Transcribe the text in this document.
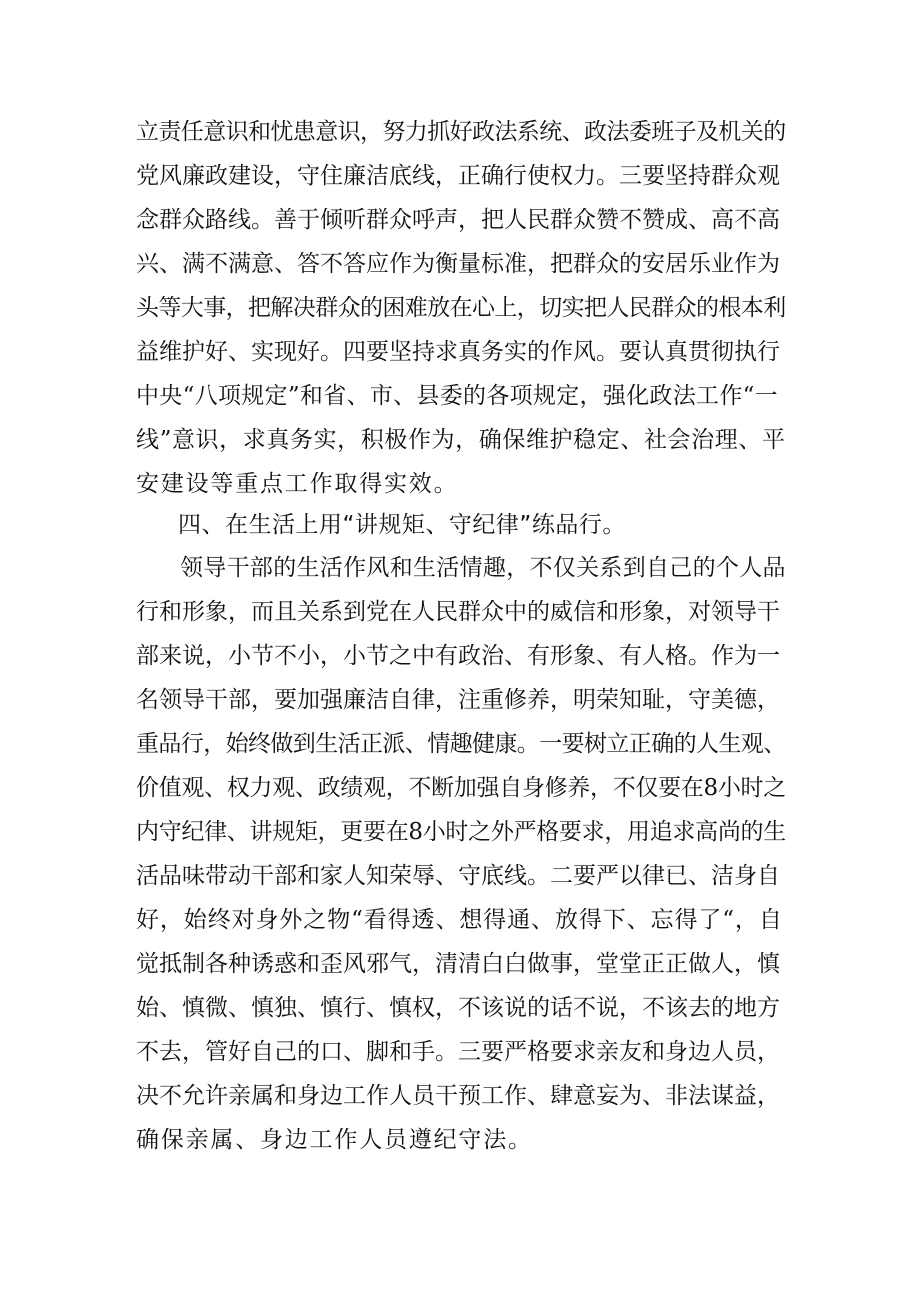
立责任意识和忧患意识，努力抓好政法系统、政法委班子及机关的
党风廉政建设，守住廉洁底线，正确行使权力。三要坚持群众观
念群众路线。善于倾听群众呼声，把人民群众赞不赞成、高不高
兴、满不满意、答不答应作为衡量标准，把群众的安居乐业作为
头等大事，把解决群众的困难放在心上，切实把人民群众的根本利
益维护好、实现好。四要坚持求真务实的作风。要认真贯彻执行
中央“八项规定”和省、市、县委的各项规定，强化政法工作“一
线”意识，求真务实，积极作为，确保维护稳定、社会治理、平
安建设等重点工作取得实效。
四、在生活上用“讲规矩、守纪律”练品行。
领导干部的生活作风和生活情趣，不仅关系到自己的个人品
行和形象，而且关系到党在人民群众中的威信和形象，对领导干
部来说，小节不小，小节之中有政治、有形象、有人格。作为一
名领导干部，要加强廉洁自律，注重修养，明荣知耻，守美德，
重品行，始终做到生活正派、情趣健康。一要树立正确的人生观、
价值观、权力观、政绩观，不断加强自身修养，不仅要在8小时之
内守纪律、讲规矩，更要在8小时之外严格要求，用追求高尚的生
活品味带动干部和家人知荣辱、守底线。二要严以律已、洁身自
好，始终对身外之物“看得透、想得通、放得下、忘得了“，自
觉抵制各种诱惑和歪风邪气，清清白白做事，堂堂正正做人，慎
始、慎微、慎独、慎行、慎权，不该说的话不说，不该去的地方
不去，管好自己的口、脚和手。三要严格要求亲友和身边人员，
决不允许亲属和身边工作人员干预工作、肆意妄为、非法谋益，
确保亲属、身边工作人员遵纪守法。
